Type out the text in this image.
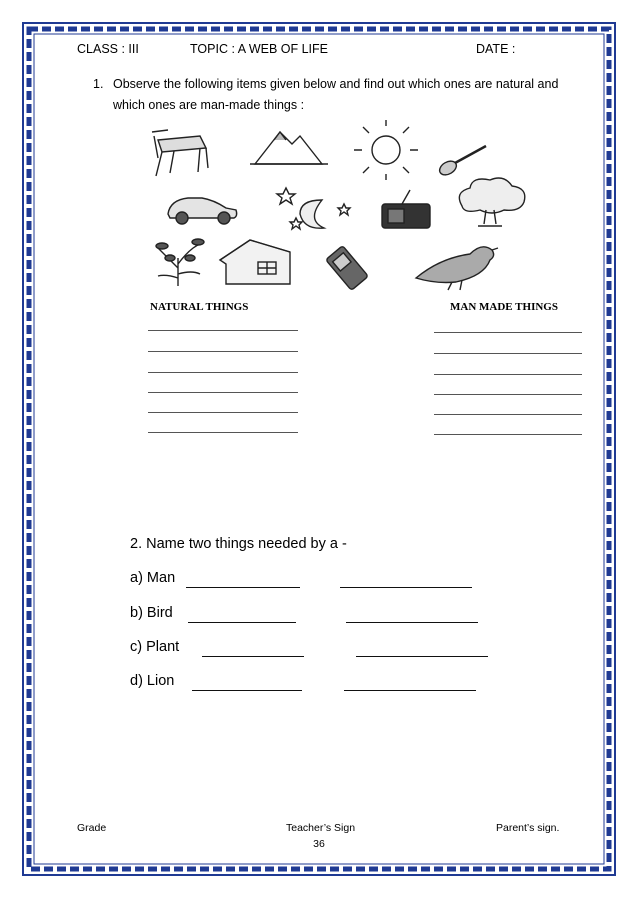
CLASS : III	TOPIC : A WEB OF LIFE	DATE :
1. Observe the following items given below and find out which ones are natural and which ones are man-made things :
NATURAL THINGS	MAN MADE THINGS
2. Name two things needed by a -
a) Man
b) Bird
c) Plant
d) Lion
Grade	Teacher’s Sign	Parent’s sign.
36
